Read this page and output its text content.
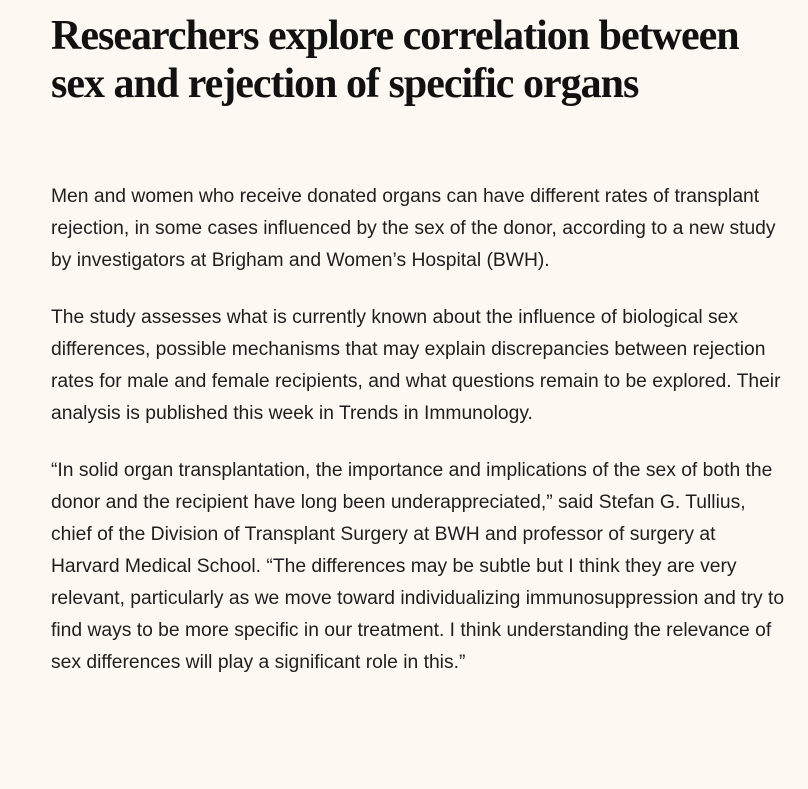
Researchers explore correlation between sex and rejection of specific organs

Men and women who receive donated organs can have different rates of transplant rejection, in some cases influenced by the sex of the donor, according to a new study by investigators at Brigham and Women’s Hospital (BWH).

The study assesses what is currently known about the influence of biological sex differences, possible mechanisms that may explain discrepancies between rejection rates for male and female recipients, and what questions remain to be explored. Their analysis is published this week in Trends in Immunology.

“In solid organ transplantation, the importance and implications of the sex of both the donor and the recipient have long been underappreciated,” said Stefan G. Tullius, chief of the Division of Transplant Surgery at BWH and professor of surgery at Harvard Medical School. “The differences may be subtle but I think they are very relevant, particularly as we move toward individualizing immunosuppression and try to find ways to be more specific in our treatment. I think understanding the relevance of sex differences will play a significant role in this.”
